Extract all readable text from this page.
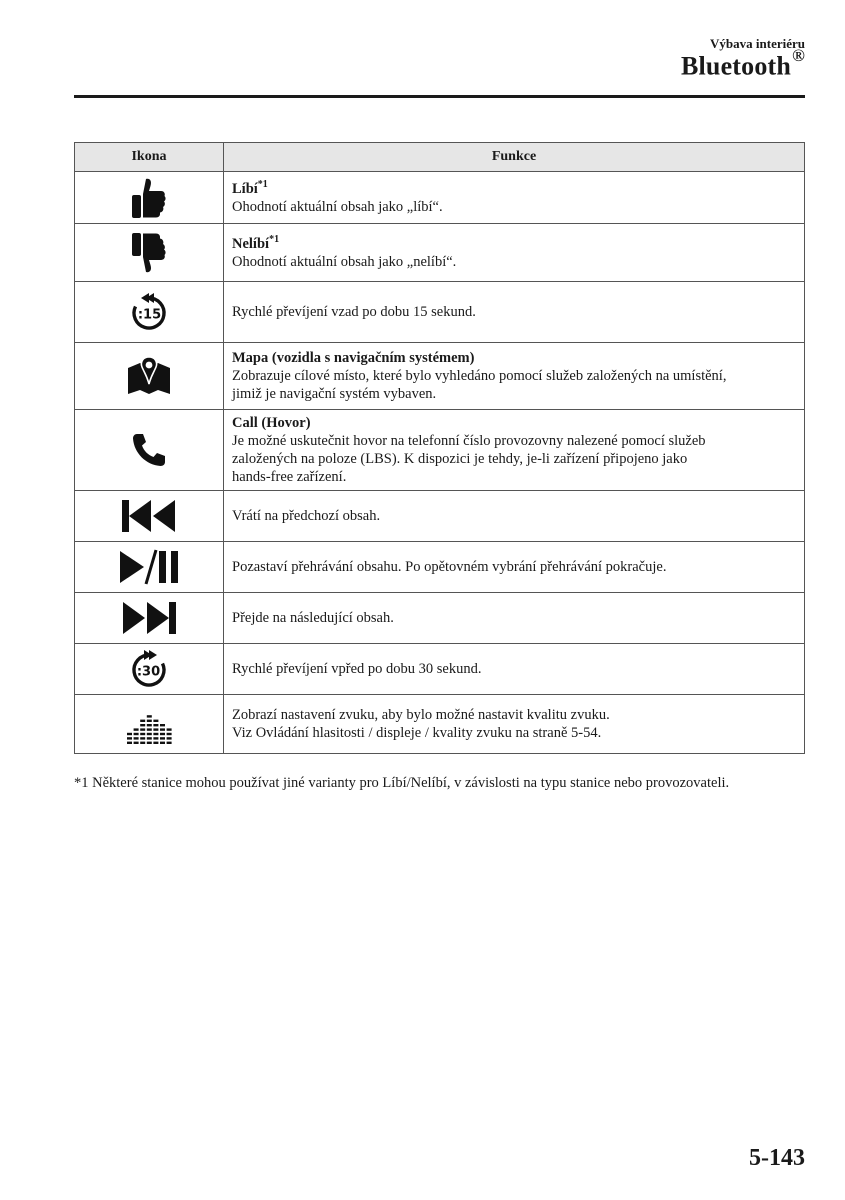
Výbava interiéru
Bluetooth®
Ikona	Funkce

Líbí$^{*1}$
Ohodnotí aktuální obsah jako „líbí“.

Nelíbí$^{*1}$
Ohodnotí aktuální obsah jako „nelíbí“.

:15	Rychlé převíjení vzad po dobu 15 sekund.

Mapa (vozidla s navigačním systémem)
Zobrazuje cílové místo, které bylo vyhledáno pomocí služeb založených na umístění,
jimiž je navigační systém vybaven.

Call (Hovor)
Je možné uskutečnit hovor na telefonní číslo provozovny nalezené pomocí služeb
založených na poloze (LBS). K dispozici je tehdy, je-li zařízení připojeno jako
hands-free zařízení.

Vrátí na předchozí obsah.

Pozastaví přehrávání obsahu. Po opětovném vybrání přehrávání pokračuje.

Přejde na následující obsah.

:30	Rychlé převíjení vpřed po dobu 30 sekund.

Zobrazí nastavení zvuku, aby bylo možné nastavit kvalitu zvuku.
Viz Ovládání hlasitosti / displeje / kvality zvuku na straně 5-54.
*1 Některé stanice mohou používat jiné varianty pro Líbí/Nelíbí, v závislosti na typu stanice nebo provozovateli.
5-143
